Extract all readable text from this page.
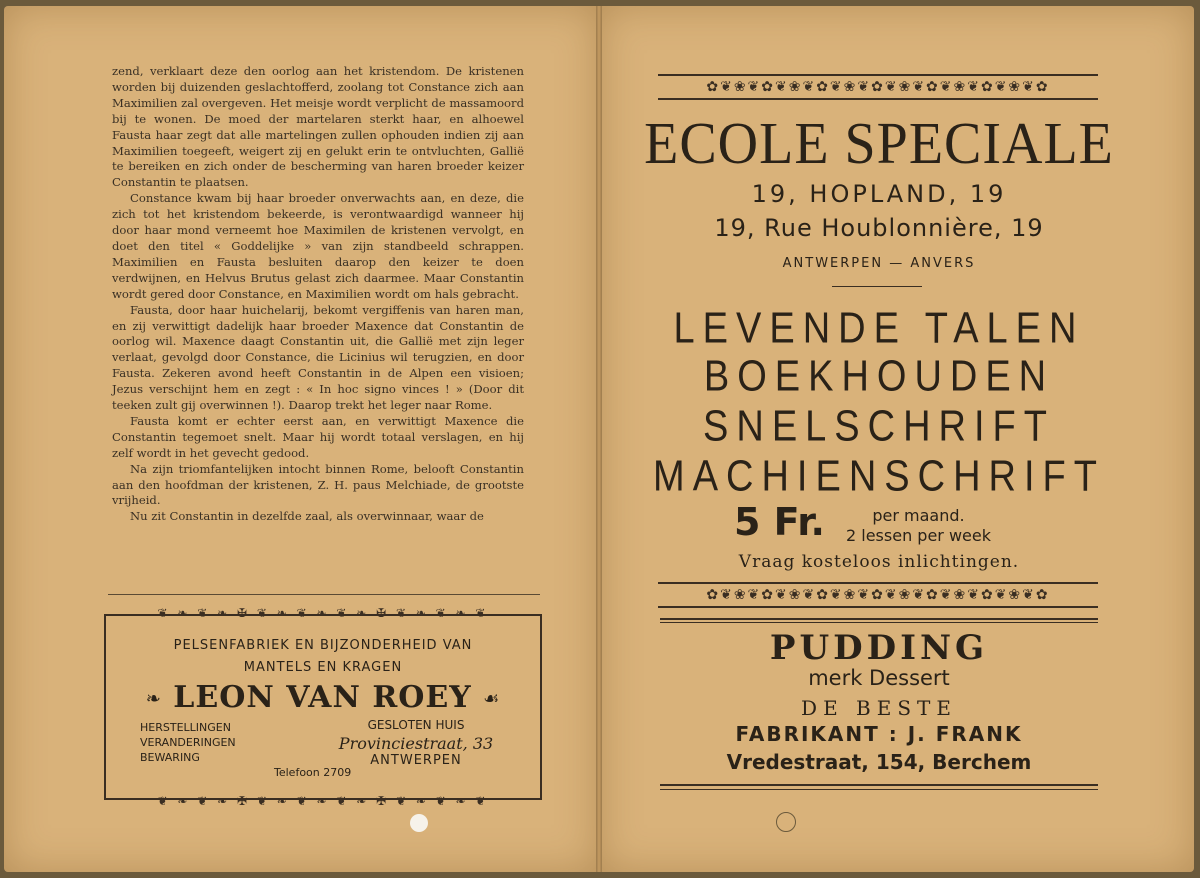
zend, verklaart deze den oorlog aan het kristendom. De kristenen worden bij duizenden geslachtofferd, zoolang tot Constance zich aan Maximilien zal overgeven. Het meisje wordt verplicht de massamoord bij te wonen. De moed der martelaren sterkt haar, en alhoewel Fausta haar zegt dat alle martelingen zullen ophouden indien zij aan Maximilien toegeeft, weigert zij en gelukt erin te ontvluchten, Gallië te bereiken en zich onder de bescherming van haren broeder keizer Constantin te plaatsen.

Constance kwam bij haar broeder onverwachts aan, en deze, die zich tot het kristendom bekeerde, is verontwaardigd wanneer hij door haar mond verneemt hoe Maximilen de kristenen vervolgt, en doet den titel « Goddelijke » van zijn standbeeld schrappen. Maximilien en Fausta besluiten daarop den keizer te doen verdwijnen, en Helvus Brutus gelast zich daarmee. Maar Constantin wordt gered door Constance, en Maximilien wordt om hals gebracht.

Fausta, door haar huichelarij, bekomt vergiffenis van haren man, en zij verwittigt dadelijk haar broeder Maxence dat Constantin de oorlog wil. Maxence daagt Constantin uit, die Gallië met zijn leger verlaat, gevolgd door Constance, die Licinius wil terugzien, en door Fausta. Zekeren avond heeft Constantin in de Alpen een visioen; Jezus verschijnt hem en zegt : « In hoc signo vinces ! » (Door dit teeken zult gij overwinnen !). Daarop trekt het leger naar Rome.

Fausta komt er echter eerst aan, en verwittigt Maxence die Constantin tegemoet snelt. Maar hij wordt totaal verslagen, en hij zelf wordt in het gevecht gedood.

Na zijn triomfantelijken intocht binnen Rome, belooft Constantin aan den hoofdman der kristenen, Z. H. paus Melchiade, de grootste vrijheid.

Nu zit Constantin in dezelfde zaal, als overwinnaar, waar de

❦ ❧ ❦ ❧ ✠ ❦ ❧ ❦ ❧ ❦ ❧ ✠ ❦ ❧ ❦ ❧ ❦
PELSENFABRIEK EN BIJZONDERHEID VAN
MANTELS EN KRAGEN
❧ LEON VAN ROEY ☙
HERSTELLINGEN
VERANDERINGEN
BEWARING
GESLOTEN HUIS
Provinciestraat, 33
ANTWERPEN
Telefoon 2709
❦ ❧ ❦ ❧ ✠ ❦ ❧ ❦ ❧ ❦ ❧ ✠ ❦ ❧ ❦ ❧ ❦
✿❦❀❦✿❦❀❦✿❦❀❦✿❦❀❦✿❦❀❦✿❦❀❦✿
ECOLE SPECIALE
19, HOPLAND, 19
19, Rue Houblonnière, 19
ANTWERPEN — ANVERS
LEVENDE TALEN
BOEKHOUDEN
SNELSCHRIFT
MACHIENSCHRIFT
5 Fr.	per maand.
2 lessen per week
Vraag kosteloos inlichtingen.
✿❦❀❦✿❦❀❦✿❦❀❦✿❦❀❦✿❦❀❦✿❦❀❦✿
PUDDING
merk Dessert
DE BESTE
FABRIKANT : J. FRANK
Vredestraat, 154, Berchem
